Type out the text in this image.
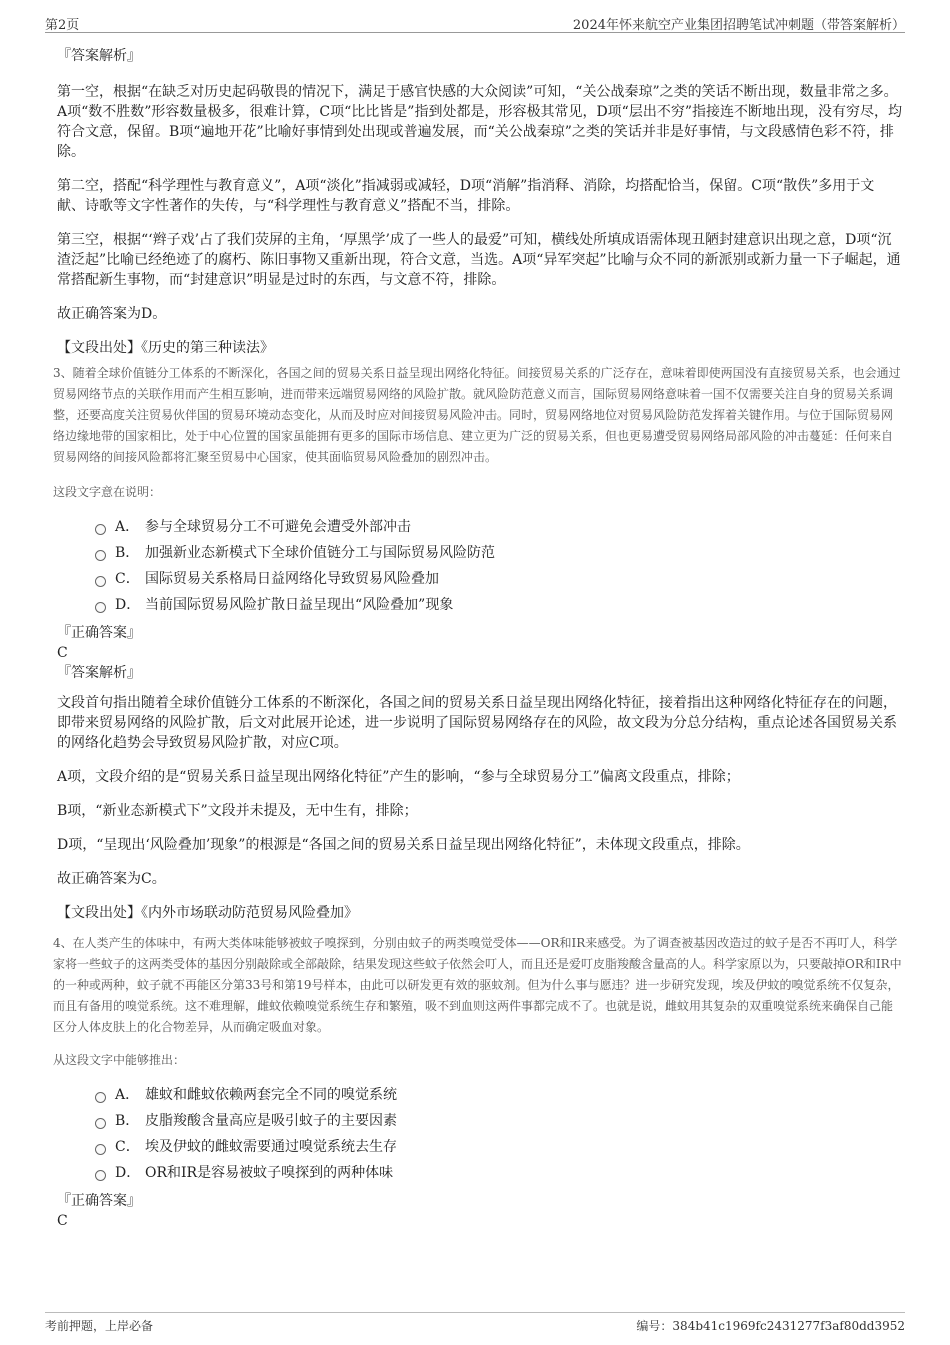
第2页	2024年怀来航空产业集团招聘笔试冲刺题（带答案解析）

『答案解析』

第一空，根据“在缺乏对历史起码敬畏的情况下，满足于感官快感的大众阅读”可知，“关公战秦琼”之类的笑话不断出现，数量非常之多。A项“数不胜数”形容数量极多，很难计算，C项“比比皆是”指到处都是，形容极其常见，D项“层出不穷”指接连不断地出现，没有穷尽，均符合文意，保留。B项“遍地开花”比喻好事情到处出现或普遍发展，而“关公战秦琼”之类的笑话并非是好事情，与文段感情色彩不符，排除。

第二空，搭配“科学理性与教育意义”，A项“淡化”指减弱或减轻，D项“消解”指消释、消除，均搭配恰当，保留。C项“散佚”多用于文献、诗歌等文字性著作的失传，与“科学理性与教育意义”搭配不当，排除。

第三空，根据“‘辫子戏’占了我们荧屏的主角，‘厚黑学’成了一些人的最爱”可知，横线处所填成语需体现丑陋封建意识出现之意，D项“沉渣泛起”比喻已经绝迹了的腐朽、陈旧事物又重新出现，符合文意，当选。A项“异军突起”比喻与众不同的新派别或新力量一下子崛起，通常搭配新生事物，而“封建意识”明显是过时的东西，与文意不符，排除。

故正确答案为D。

【文段出处】《历史的第三种读法》

3、随着全球价值链分工体系的不断深化，各国之间的贸易关系日益呈现出网络化特征。间接贸易关系的广泛存在，意味着即使两国没有直接贸易关系，也会通过贸易网络节点的关联作用而产生相互影响，进而带来远端贸易网络的风险扩散。就风险防范意义而言，国际贸易网络意味着一国不仅需要关注自身的贸易关系调整，还要高度关注贸易伙伴国的贸易环境动态变化，从而及时应对间接贸易风险冲击。同时，贸易网络地位对贸易风险防范发挥着关键作用。与位于国际贸易网络边缘地带的国家相比，处于中心位置的国家虽能拥有更多的国际市场信息、建立更为广泛的贸易关系，但也更易遭受贸易网络局部风险的冲击蔓延：任何来自贸易网络的间接风险都将汇聚至贸易中心国家，使其面临贸易风险叠加的剧烈冲击。

这段文字意在说明：

A． 参与全球贸易分工不可避免会遭受外部冲击
B． 加强新业态新模式下全球价值链分工与国际贸易风险防范
C． 国际贸易关系格局日益网络化导致贸易风险叠加
D． 当前国际贸易风险扩散日益呈现出“风险叠加”现象

『正确答案』

C

『答案解析』

文段首句指出随着全球价值链分工体系的不断深化，各国之间的贸易关系日益呈现出网络化特征，接着指出这种网络化特征存在的问题，即带来贸易网络的风险扩散，后文对此展开论述，进一步说明了国际贸易网络存在的风险，故文段为分总分结构，重点论述各国贸易关系的网络化趋势会导致贸易风险扩散，对应C项。

A项，文段介绍的是“贸易关系日益呈现出网络化特征”产生的影响，“参与全球贸易分工”偏离文段重点，排除；

B项，“新业态新模式下”文段并未提及，无中生有，排除；

D项，“呈现出‘风险叠加’现象”的根源是“各国之间的贸易关系日益呈现出网络化特征”，未体现文段重点，排除。

故正确答案为C。

【文段出处】《内外市场联动防范贸易风险叠加》

4、在人类产生的体味中，有两大类体味能够被蚊子嗅探到，分别由蚊子的两类嗅觉受体——OR和IR来感受。为了调查被基因改造过的蚊子是否不再叮人，科学家将一些蚊子的这两类受体的基因分别敲除或全部敲除，结果发现这些蚊子依然会叮人，而且还是爱叮皮脂羧酸含量高的人。科学家原以为，只要敲掉OR和IR中的一种或两种，蚊子就不再能区分第33号和第19号样本，由此可以研发更有效的驱蚊剂。但为什么事与愿违？进一步研究发现，埃及伊蚊的嗅觉系统不仅复杂，而且有备用的嗅觉系统。这不难理解，雌蚊依赖嗅觉系统生存和繁殖，吸不到血则这两件事都完成不了。也就是说，雌蚊用其复杂的双重嗅觉系统来确保自己能区分人体皮肤上的化合物差异，从而确定吸血对象。

从这段文字中能够推出：

A． 雄蚊和雌蚊依赖两套完全不同的嗅觉系统
B． 皮脂羧酸含量高应是吸引蚊子的主要因素
C． 埃及伊蚊的雌蚊需要通过嗅觉系统去生存
D． OR和IR是容易被蚊子嗅探到的两种体味

『正确答案』

C

考前押题，上岸必备	编号：384b41c1969fc2431277f3af80dd3952
